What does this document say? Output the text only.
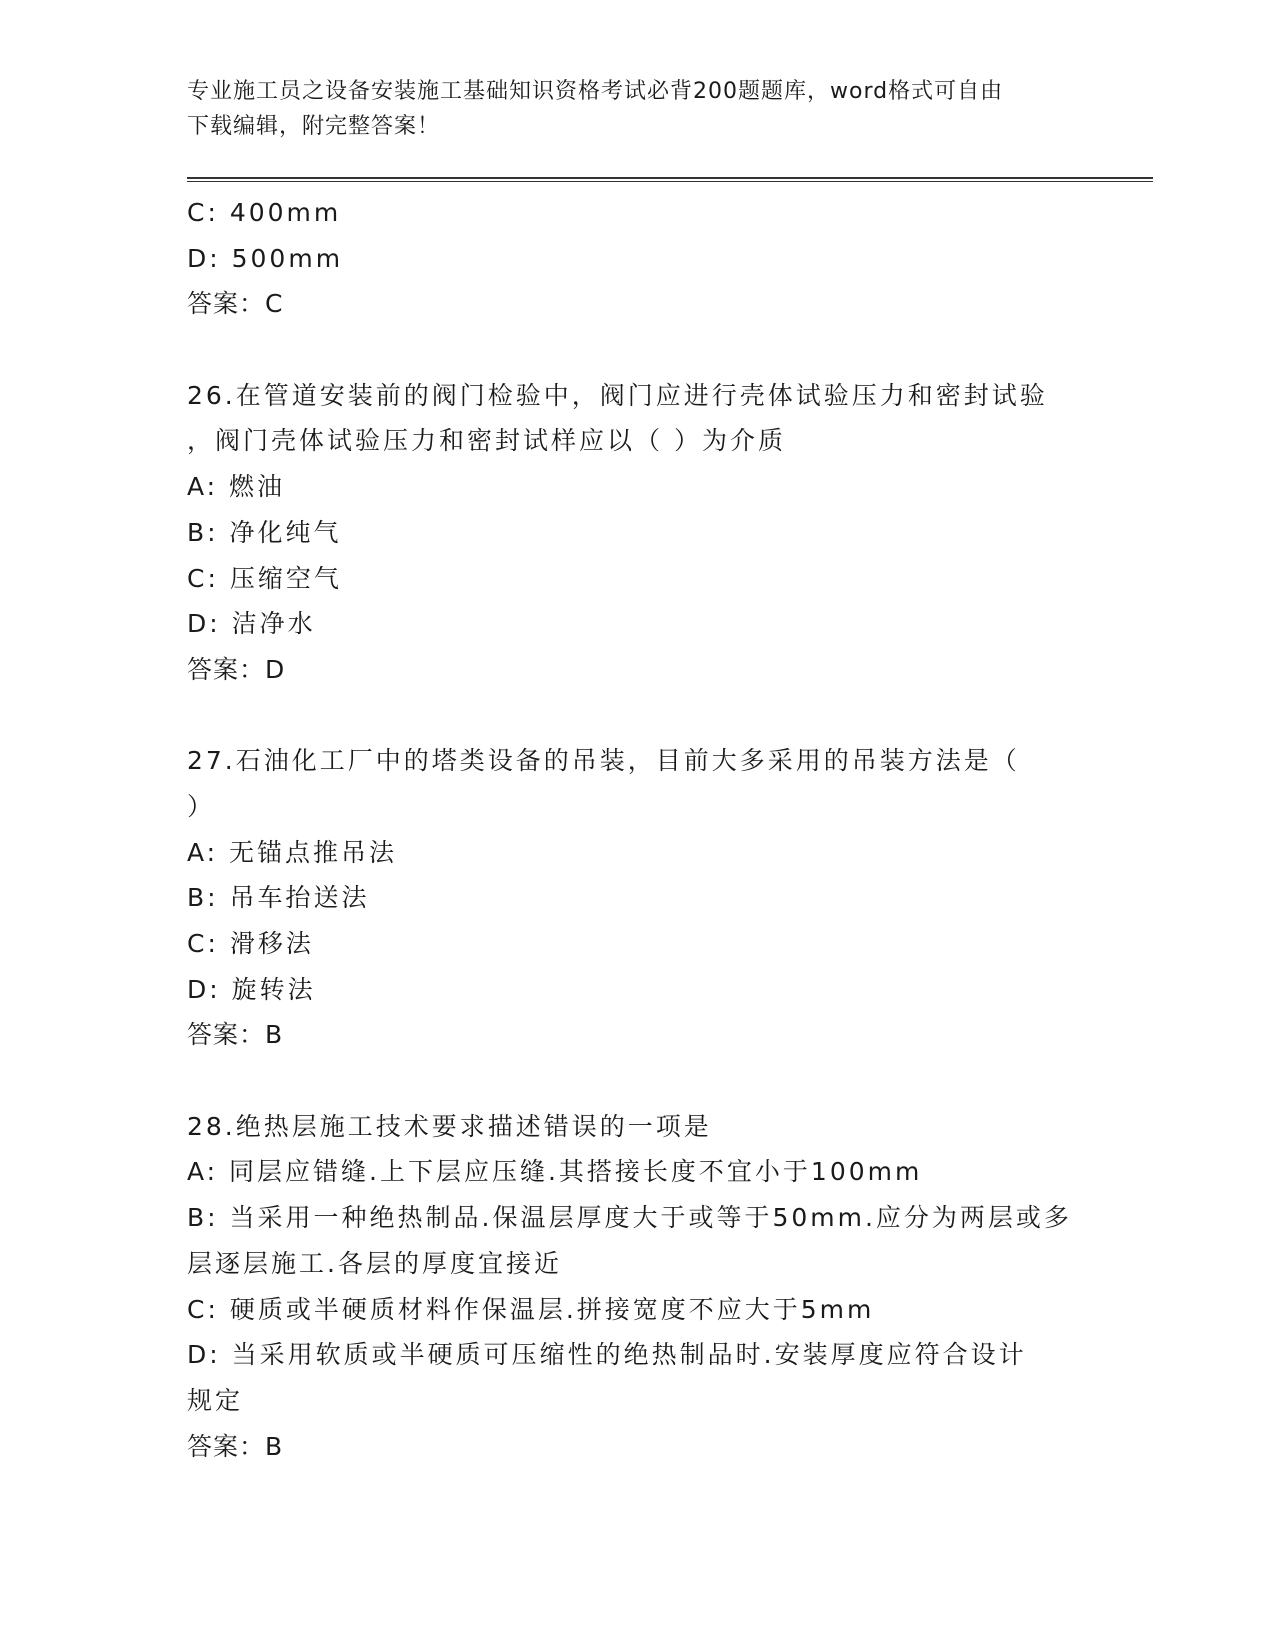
专业施工员之设备安装施工基础知识资格考试必背200题题库，word格式可自由
下载编辑，附完整答案！
C: 400mm
D: 500mm
答案：C
26.在管道安装前的阀门检验中，阀门应进行壳体试验压力和密封试验
，阀门壳体试验压力和密封试样应以（ ）为介质
A: 燃油
B: 净化纯气
C: 压缩空气
D: 洁净水
答案：D
27.石油化工厂中的塔类设备的吊装，目前大多采用的吊装方法是（
）
A: 无锚点推吊法
B: 吊车抬送法
C: 滑移法
D: 旋转法
答案：B
28.绝热层施工技术要求描述错误的一项是
A: 同层应错缝.上下层应压缝.其搭接长度不宜小于100mm
B: 当采用一种绝热制品.保温层厚度大于或等于50mm.应分为两层或多
层逐层施工.各层的厚度宜接近
C: 硬质或半硬质材料作保温层.拼接宽度不应大于5mm
D: 当采用软质或半硬质可压缩性的绝热制品时.安装厚度应符合设计
规定
答案：B
